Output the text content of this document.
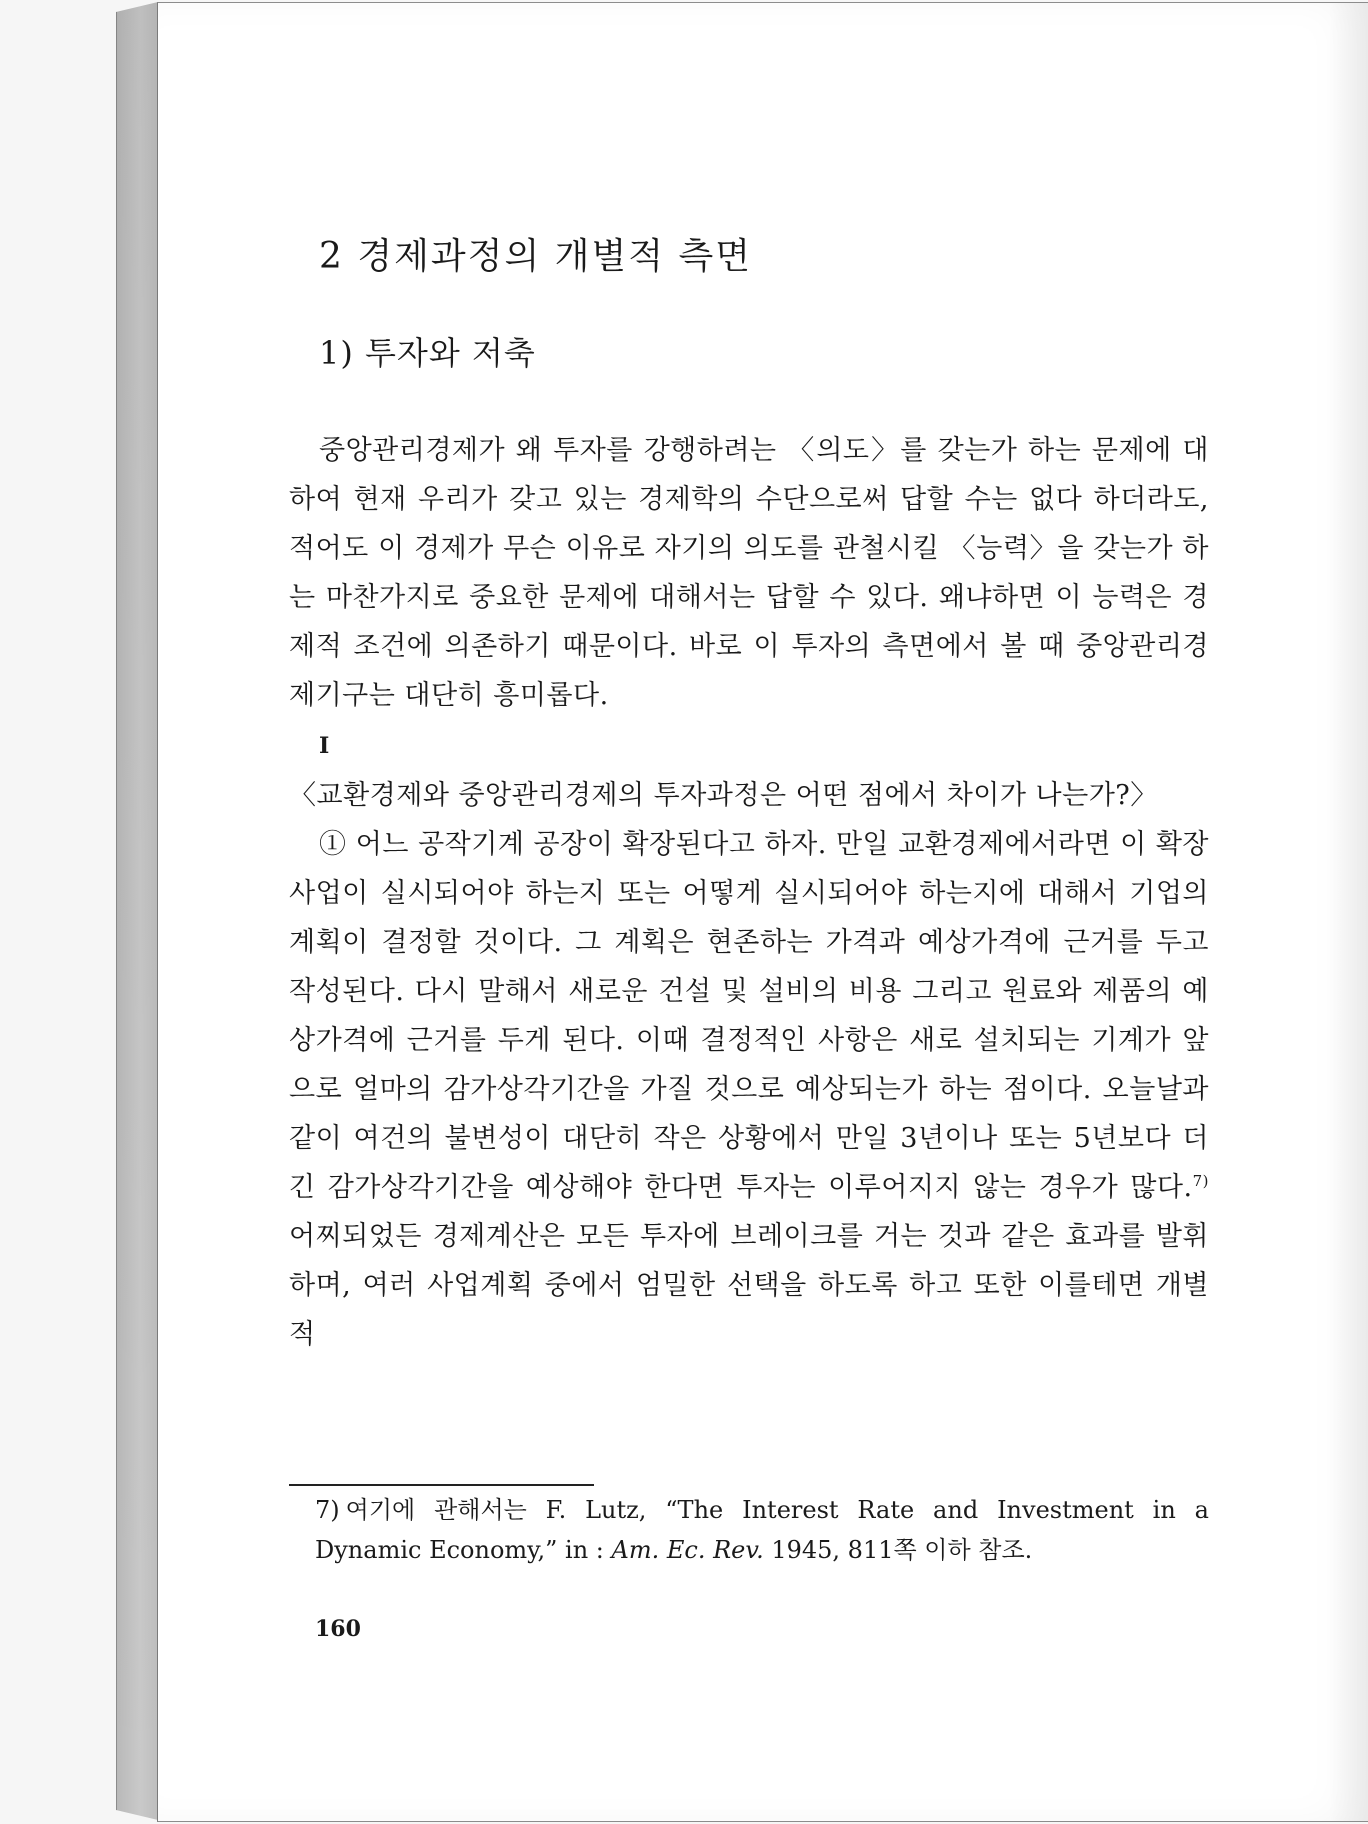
2 경제과정의 개별적 측면
1) 투자와 저축

중앙관리경제가 왜 투자를 강행하려는 〈의도〉를 갖는가 하는 문제에 대하여 현재 우리가 갖고 있는 경제학의 수단으로써 답할 수는 없다 하더라도, 적어도 이 경제가 무슨 이유로 자기의 의도를 관철시킬 〈능력〉을 갖는가 하는 마찬가지로 중요한 문제에 대해서는 답할 수 있다. 왜냐하면 이 능력은 경제적 조건에 의존하기 때문이다. 바로 이 투자의 측면에서 볼 때 중앙관리경제기구는 대단히 흥미롭다.

I〈교환경제와 중앙관리경제의 투자과정은 어떤 점에서 차이가 나는가?〉

① 어느 공작기계 공장이 확장된다고 하자. 만일 교환경제에서라면 이 확장사업이 실시되어야 하는지 또는 어떻게 실시되어야 하는지에 대해서 기업의 계획이 결정할 것이다. 그 계획은 현존하는 가격과 예상가격에 근거를 두고 작성된다. 다시 말해서 새로운 건설 및 설비의 비용 그리고 원료와 제품의 예상가격에 근거를 두게 된다. 이때 결정적인 사항은 새로 설치되는 기계가 앞으로 얼마의 감가상각기간을 가질 것으로 예상되는가 하는 점이다. 오늘날과 같이 여건의 불변성이 대단히 작은 상황에서 만일 3년이나 또는 5년보다 더 긴 감가상각기간을 예상해야 한다면 투자는 이루어지지 않는 경우가 많다.$^{7)}$ 어찌되었든 경제계산은 모든 투자에 브레이크를 거는 것과 같은 효과를 발휘하며, 여러 사업계획 중에서 엄밀한 선택을 하도록 하고 또한 이를테면 개별적

7) 여기에 관해서는 F. Lutz, “The Interest Rate and Investment in a Dynamic Economy,” in : Am. Ec. Rev. 1945, 811쪽 이하 참조.
160
